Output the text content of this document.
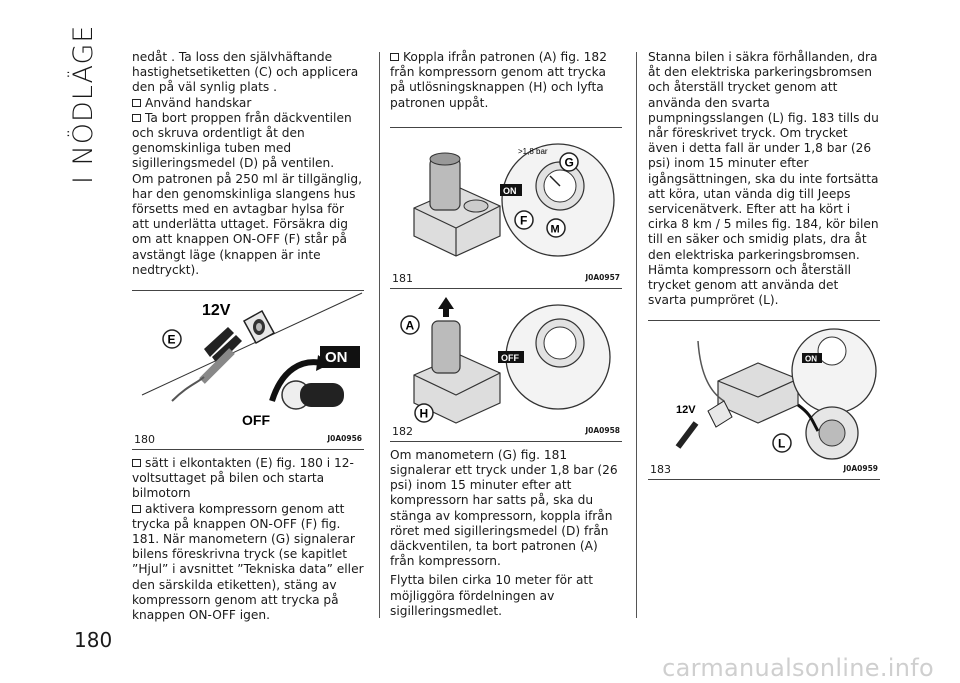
I NÖDLÄGE
180
carmanualsonline.info

nedåt . Ta loss den självhäftande hastighetsetiketten (C) och applicera den på väl synlig plats .

Använd handskar

Ta bort proppen från däckventilen och skruva ordentligt åt den genomskinliga tuben med sigilleringsmedel (D) på ventilen.

Om patronen på 250 ml är tillgänglig, har den genomskinliga slangens hus försetts med en avtagbar hylsa för att underlätta uttaget. Försäkra dig om att knappen ON-OFF (F) står på avstängt läge (knappen är inte nedtryckt).

12V
E
ON
OFF
180	J0A0956

sätt i elkontakten (E) fig. 180 i 12-voltsuttaget på bilen och starta bilmotorn

aktivera kompressorn genom att trycka på knappen ON-OFF (F) fig. 181. När manometern (G) signalerar bilens föreskrivna tryck (se kapitlet ”Hjul” i avsnittet ”Tekniska data” eller den särskilda etiketten), stäng av kompressorn genom att trycka på knappen ON-OFF igen.

Koppla ifrån patronen (A) fig. 182 från kompressorn genom att trycka på utlösningsknappen (H) och lyfta patronen uppåt.

>1,8 bar
ON
G
F
M
181	J0A0957
OFF
A
H
182	J0A0958

Om manometern (G) fig. 181 signalerar ett tryck under 1,8 bar (26 psi) inom 15 minuter efter att kompressorn har satts på, ska du stänga av kompressorn, koppla ifrån röret med sigilleringsmedel (D) från däckventilen, ta bort patronen (A) från kompressorn.

Flytta bilen cirka 10 meter för att möjliggöra fördelningen av sigilleringsmedlet.

Stanna bilen i säkra förhållanden, dra åt den elektriska parkeringsbromsen och återställ trycket genom att använda den svarta pumpningsslangen (L) fig. 183 tills du når föreskrivet tryck. Om trycket även i detta fall är under 1,8 bar (26 psi) inom 15 minuter efter igångsättningen, ska du inte fortsätta att köra, utan vända dig till Jeeps servicenätverk. Efter att ha kört i cirka 8 km / 5 miles fig. 184, kör bilen till en säker och smidig plats, dra åt den elektriska parkeringsbromsen. Hämta kompressorn och återställ trycket genom att använda det svarta pumpröret (L).

ON
12V
L
183	J0A0959
